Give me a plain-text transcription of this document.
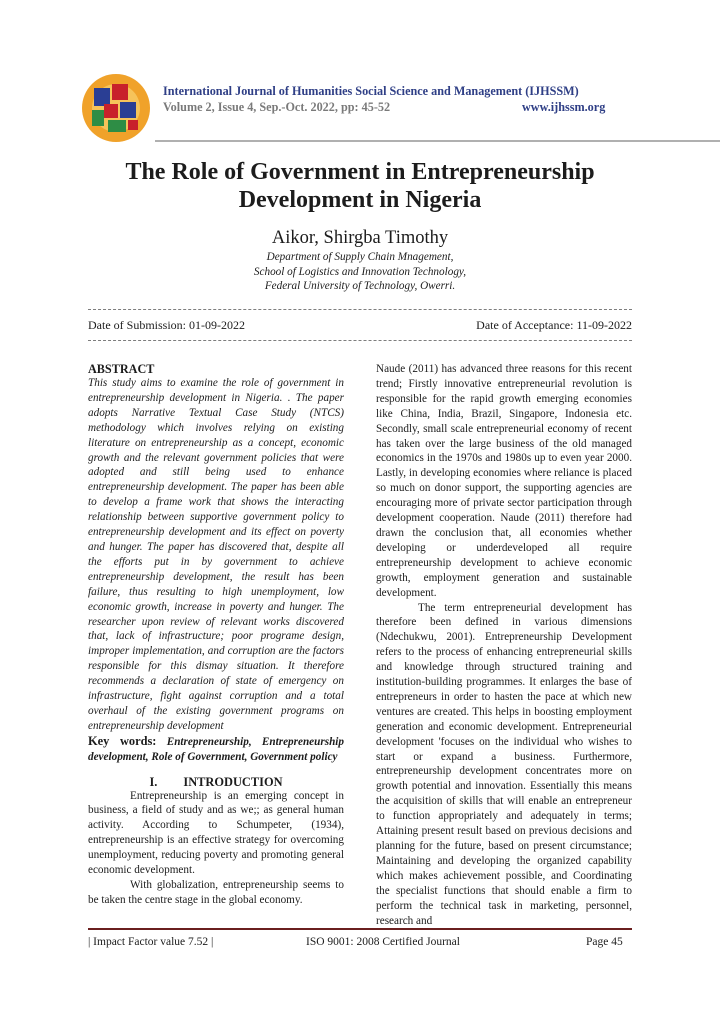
International Journal of Humanities Social Science and Management (IJHSSM)
Volume 2, Issue 4, Sep.-Oct. 2022, pp: 45-52	www.ijhssm.org
The Role of Government in Entrepreneurship
Development in Nigeria
Aikor, Shirgba Timothy
Department of Supply Chain Mnagement,
School of Logistics and Innovation Technology,
Federal University of Technology, Owerri.
Date of Submission: 01-09-2022	Date of Acceptance: 11-09-2022
ABSTRACT

This study aims to examine the role of government in entrepreneurship development in Nigeria. . The paper adopts Narrative Textual Case Study (NTCS) methodology which involves relying on existing literature on entrepreneurship as a concept, economic growth and the relevant government policies that were adopted and still being used to enhance entrepreneurship development. The paper has been able to develop a frame work that shows the interacting relationship between supportive government policy to entrepreneurship development and its effect on poverty and hunger. The paper has discovered that, despite all the efforts put in by government to achieve entrepreneurship development, the result has been failure, thus resulting to high unemployment, low economic growth, increase in poverty and hunger. The researcher upon review of relevant works discovered that, lack of infrastructure; poor programe design, improper implementation, and corruption are the factors responsible for this dismay situation. It therefore recommends a declaration of state of emergency on infrastructure, fight against corruption and a total overhaul of the existing government programs on entrepreneurship development

Key words: Entrepreneurship, Entrepreneurship development, Role of Government, Government policy

I. INTRODUCTION

Entrepreneurship is an emerging concept in business, a field of study and as we;; as general human activity. According to Schumpeter, (1934), entrepreneurship is an effective strategy for overcoming unemployment, reducing poverty and promoting general economic development.

With globalization, entrepreneurship seems to be taken the centre stage in the global economy.

Naude (2011) has advanced three reasons for this recent trend; Firstly innovative entrepreneurial revolution is responsible for the rapid growth emerging economies like China, India, Brazil, Singapore, Indonesia etc. Secondly, small scale entrepreneurial economy of recent has taken over the large business of the old managed economics in the 1970s and 1980s up to even year 2000. Lastly, in developing economies where reliance is placed so much on donor support, the supporting agencies are encouraging more of private sector participation through development cooperation. Naude (2011) therefore had drawn the conclusion that, all economies whether developing or underdeveloped all require entrepreneurship development to achieve economic growth, employment generation and sustainable development.

The term entrepreneurial development has therefore been defined in various dimensions (Ndechukwu, 2001). Entrepreneurship Development refers to the process of enhancing entrepreneurial skills and knowledge through structured training and institution-building programmes. It enlarges the base of entrepreneurs in order to hasten the pace at which new ventures are created. This helps in boosting employment generation and economic development. Entrepreneurial development 'focuses on the individual who wishes to start or expand a business. Furthermore, entrepreneurship development concentrates more on growth potential and innovation. Essentially this means the acquisition of skills that will enable an entrepreneur to function appropriately and adequately in terms; Attaining present result based on previous decisions and planning for the future, based on present circumstance; Maintaining and developing the organized capability which makes achievement possible, and Coordinating the specialist functions that should enable a firm to perform the technical task in marketing, personnel, research and

| Impact Factor value 7.52 |	ISO 9001: 2008 Certified Journal	Page 45
